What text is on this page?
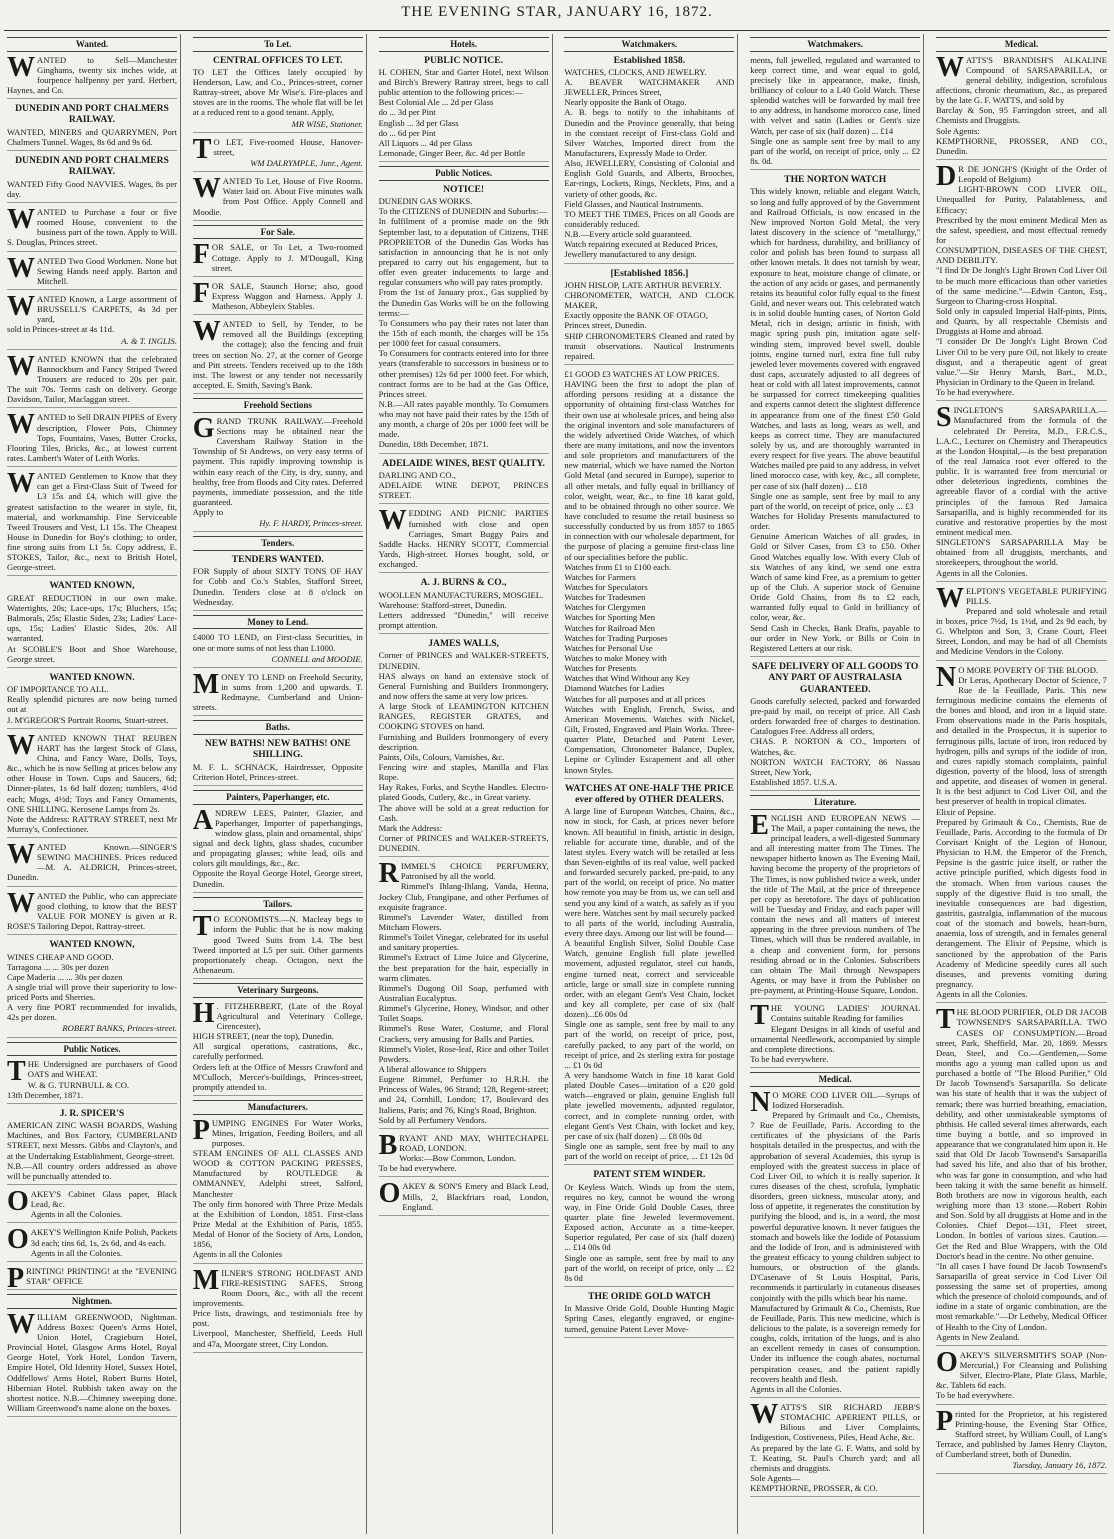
THE EVENING STAR, JANUARY 16, 1872.
Wanted.
WANTED to Sell—Manchester Ginghams, twenty six inches wide, at fourpence halfpenny per yard. Herbert, Haynes, and Co.
DUNEDIN AND PORT CHALMERS RAILWAY.
WANTED, MINERS and QUARRYMEN, Port Chalmers Tunnel. Wages, 8s 6d and 9s 6d.
DUNEDIN AND PORT CHALMERS RAILWAY.
WANTED Fifty Good NAVVIES. Wages, 8s per day.
WANTED to Purchase a four or five roomed House, convenient to the business part of the town. Apply to Will. S. Douglas, Princes street.
WANTED Two Good Workmen. None but Sewing Hands need apply. Barton and Mitchell.
WANTED Known, a Large assortment of BRUSSELL'S CARPETS, 4s 3d per yard,
sold in Princes-street at 4s 11d.
A. & T. INGLIS.
WANTED KNOWN that the celebrated Bannockburn and Fancy Striped Tweed Trousers are reduced to 20s per pair. The suit 70s. Terms cash on delivery. George Davidson, Tailor, Maclaggan street.
WANTED to Sell DRAIN PIPES of Every description, Flower Pots, Chimney Tops, Fountains, Vases, Butter Crocks, Flooring Tiles, Bricks, &c., at lowest current rates. Lambert's Water of Leith Works.
WANTED Gentlemen to Know that they can get a First-Class Suit of Tweed for L3 15s and £4, which will give the greatest satisfaction to the wearer in style, fit, material, and workmanship. Fine Serviceable Tweed Trousers and Vest, L1 15s. The Cheapest House in Dunedin for Boy's clothing; to order, fine strong suits from L1 5s. Copy address, E. STOKES, Tailor, &c., next to British Hotel, George-street.
WANTED KNOWN,
GREAT REDUCTION in our own make. Watertights, 20s; Lace-ups, 17s; Bluchers, 15s; Balmorals, 25s; Elastic Sides, 23s; Ladies' Lace-ups, 15s; Ladies' Elastic Sides, 20s. All warranted.
At SCOBLE'S Boot and Shoe Warehouse, George street.
WANTED KNOWN.
OF IMPORTANCE TO ALL.
Really splendid pictures are now being turned out at
J. M'GREGOR'S Portrait Rooms, Stuart-street.
WANTED KNOWN THAT REUBEN HART has the largest Stock of Glass, China, and Fancy Ware, Dolls, Toys, &c., which he is now Selling at prices below any other House in Town. Cups and Saucers, 6d; Dinner-plates, 1s 6d half dozen; tumblers, 4½d each; Mugs, 4½d; Toys and Fancy Ornaments, ONE SHILLING. Kerosene Lamps from 2s.
Note the Address: RATTRAY STREET, next Mr Murray's, Confectioner.
WANTED Known.—SINGER'S SEWING MACHINES. Prices reduced—M. A. ALDRICH, Princes-street, Dunedin.
WANTED the Public, who can appreciate good clothing, to know that the BEST VALUE FOR MONEY is given at R. ROSE'S Tailoring Depot, Rattray-street.
WANTED KNOWN,
WINES CHEAP AND GOOD.
Tarragona ... ... 30s per dozen
Cape Maderia ... ... 30s per dozen
A single trial will prove their superiority to low-priced Ports and Sherries.
A very fine PORT recommended for invalids, 42s per dozen.
ROBERT BANKS, Princes-street.
Public Notices.
THE Undersigned are purchasers of Good OATS and WHEAT.
W. & G. TURNBULL & CO.
13th December, 1871.
J. R. SPICER'S
AMERICAN ZINC WASH BOARDS, Washing Machines, and Box Factory, CUMBERLAND STREET, next Messrs. Gibbs and Clayton's, and at the Undertaking Establishment, George-street.
N.B.—All country orders addressed as above will be punctually attended to.
OAKEY'S Cabinet Glass paper, Black Lead, &c.
Agents in all the Colonies.
OAKEY'S Wellington Knife Polish, Packets 3d each; tins 6d, 1s, 2s 6d, and 4s each.
Agents in all the Colonies.
PRINTING! PRINTING! at the "EVENING STAR" OFFICE
Nightmen.
WILLIAM GREENWOOD, Nightman. Address Boxes: Queen's Arms Hotel, Union Hotel, Cragieburn Hotel, Provincial Hotel, Glasgow Arms Hotel, Royal George Hotel, York Hotel, London Tavern, Empire Hotel, Old Identity Hotel, Sussex Hotel, Oddfellows' Arms Hotel, Robert Burns Hotel, Hibernian Hotel. Rubbish taken away on the shortest notice. N.B.—Chimney sweeping done. William Greenwood's name alone on the boxes.
To Let.
CENTRAL OFFICES TO LET.
TO LET the Offices lately occupied by Henderson, Law, and Co., Princes-street, corner Rattray-street, above Mr Wise's. Fire-places and stoves are in the rooms. The whole flat will be let at a reduced rent to a good tenant. Apply,
MR WISE, Stationer.
T O LET, Five-roomed House, Hanover-street,
WM DALRYMPLE, Junr., Agent.
WANTED To Let, House of Five Rooms. Water laid on. About Five minutes walk from Post Office. Apply Connell and Moodie.
For Sale.
FOR SALE, or To Let, a Two-roomed Cottage. Apply to J. M'Dougall, King street.
FOR SALE, Staunch Horse; also, good Express Waggon and Harness. Apply J. Matheson, Abbeyleix Stables.
WANTED to Sell, by Tender, to be removed all the Buildings (excepting the cottage); also the fencing and fruit trees on section No. 27, at the corner of George and Pitt streets. Tenders received up to the 18th inst. The lowest or any tender not necessarily accepted. E. Smith, Saving's Bank.
Freehold Sections
GRAND TRUNK RAILWAY.—Freehold Sections may be obtained near the Caversham Railway Station in the Township of St Andrews, on very easy terms of payment. This rapidly improving township is within easy reach of the City, is dry, sunny, and healthy, free from floods and City rates. Deferred payments, immediate possession, and the title guaranteed.
Apply to
Hy. F. HARDY, Princes-street.
Tenders.
TENDERS WANTED.
FOR Supply of about SIXTY TONS OF HAY for Cobb and Co.'s Stables, Stafford Street, Dunedin. Tenders close at 8 o'clock on Wednesday.
Money to Lend.
£4000 TO LEND, on First-class Securities, in one or more sums of not less than L1000.
CONNELL and MOODIE.
MONEY TO LEND on Freehold Security, in sums from 1,200 and upwards. T. Redmayne, Cumberland and Union-streets.
Baths.
NEW BATHS! NEW BATHS! ONE SHILLING.
M. F. L. SCHNACK, Hairdresser, Opposite Criterion Hotel, Princes-street.
Painters, Paperhanger, etc.
ANDREW LEES, Painter, Glazier, and Paperhanger, Importer of paperhangings, window glass, plain and ornamental, ships' signal and deck lights, glass shades, cucumber and propagating glasses; white lead, oils and colors gilt mouldings, &c., &c.
Opposite the Royal George Hotel, George street, Dunedin.
Tailors.
T O ECONOMISTS.—N. Macleay begs to inform the Public that he is now making good Tweed Suits from L4. The best Tweed imported at L5 per suit. Other garments proportionately cheap. Octagon, next the Athenaeum.
Veterinary Surgeons.
H . FITZHERBERT, (Late of the Royal Agricultural and Veterinary College, Cirencester),
HIGH STREET, (near the top), Dunedin.
All surgical operations, castrations, &c., carefully performed.
Orders left at the Office of Messrs Crawford and M'Culloch, Mercer's-buildings, Princes-street, promptly attended to.
Manufacturers.
PUMPING ENGINES For Water Works, Mines, Irrigation, Feeding Boilers, and all purposes.
STEAM ENGINES OF ALL CLASSES AND WOOD & COTTON PACKING PRESSES, Manufactured by ROUTLEDGE & OMMANNEY, Adelphi street, Salford, Manchester
The only firm honored with Three Prize Medals at the Exhibition of London, 1851. First-class Prize Medal at the Exhibition of Paris, 1855. Medal of Honor of the Society of Arts, London, 1856,
Agents in all the Colonies
MILNER'S STRONG HOLDFAST AND FIRE-RESISTING SAFES, Strong Room Doors, &c., with all the recent improvements.
Price lists, drawings, and testimonials free by post.
Liverpool, Manchester, Sheffield, Leeds Hull and 47a, Moorgate street, City London.
Hotels.
PUBLIC NOTICE.
H. COHEN, Star and Garter Hotel, next Wilson and Birch's Brewery Rattray street, begs to call public attention to the following prices:—
Best Colonial Ale ... 2d per Glass
do ... 3d per Pint
English ... 3d per Glass
do ... 6d per Pint
All Liquors ... 4d per Glass
Lemonade, Ginger Beer, &c. 4d per Bottle
Public Notices.
NOTICE!
DUNEDIN GAS WORKS.
To the CITIZENS of DUNEDIN and Suburbs:—
In fulfilment of a promise made on the 9th September last, to a deputation of Citizens, THE PROPRIETOR of the Dunedin Gas Works has satisfaction in announcing that he is not only prepared to carry out his engagement, but to offer even greater inducements to large and regular consumers who will pay rates promptly.
From the 1st of January prox., Gas supplied by the Dunedin Gas Works will be on the following terms:—
To Consumers who pay their rates not later than the 15th of each month, the charges will be 15s per 1000 feet for casual consumers.
To Consumers for contracts entered into for three years (transferable to successors in business or to other premises) 12s 6d per 1000 feet. For which, contract forms are to be had at the Gas Office, Princes street.
N.B.—All rates payable monthly. To Consumers who may not have paid their rates by the 15th of any month, a charge of 20s per 1000 feet will be made.
Dunedin, 18th December, 1871.
ADELAIDE WINES, BEST QUALITY.
DARLING AND CO.,
ADELAIDE WINE DEPOT, PRINCES STREET.
WEDDING AND PICNIC PARTIES furnished with close and open Carriages, Smart Buggy Pairs and Saddle Hacks. HENRY SCOTT, Commercial Yards, High-street. Horses bought, sold, or exchanged.
A. J. BURNS & CO.,
WOOLLEN MANUFACTURERS, MOSGIEL.
Warehouse: Stafford-street, Dunedin.
Letters addressed "Dunedin," will receive prompt attention.
JAMES WALLS,
Corner of PRINCES and WALKER-STREETS, DUNEDIN.
HAS always on hand an extensive stock of General Furnishing and Builders Ironmongery, and now offers the same at very low prices.
A large Stock of LEAMINGTON KITCHEN RANGES, REGISTER GRATES, and COOKING STOVES on hand.
Furnishing and Builders Ironmongery of every description.
Paints, Oils, Colours, Varnishes, &c.
Fencing wire and staples, Manilla and Flax Rope.
Hay Rakes, Forks, and Scythe Handles. Electro-plated Goods, Cutlery, &c., in Great variety.
The above will be sold at a great reduction for Cash.
Mark the Address:
Corner of PRINCES and WALKER-STREETS, DUNEDIN.
RIMMEL'S CHOICE PERFUMERY, Patronised by all the world.
Rimmel's Ihlang-Ihlang, Vanda, Henna, Jockey Club, Frangipane, and other Perfumes of exquisite fragrance.
Rimmel's Lavender Water, distilled from Mitcham Flowers.
Rimmel's Toilet Vinegar, celebrated for its useful and sanitary properties.
Rimmel's Extract of Lime Juice and Glycerine, the best preparation for the hair, especially in warm climates.
Rimmel's Dugong Oil Soap, perfumed with Australian Eucalyptus.
Rimmel's Glycerine, Honey, Windsor, and other Toilet Soaps.
Rimmel's Rose Water, Costume, and Floral Crackers, very amusing for Balls and Parties.
Rimmel's Violet, Rose-leaf, Rice and other Toilet Powders.
A liberal allowance to Shippers
Eugene Rimmel, Perfumer to H.R.H. the Princess of Wales, 96 Strand; 128, Regent-street; and 24, Cornhill, London; 17, Boulevard des Italiens, Paris; and 76, King's Road, Brighton.
Sold by all Perfumery Vendors.
BRYANT AND MAY, WHITECHAPEL ROAD, LONDON.
Works:—Bow Common, London.
To be had everywhere.
OAKEY & SON'S Emery and Black Lead, Mills, 2, Blackfriars road, London, England.
Watchmakers.
Established 1858.
WATCHES, CLOCKS, AND JEWELRY.
A. BEAVER WATCHMAKER AND JEWELLER, Princes Street,
Nearly opposite the Bank of Otago.
A. B. begs to notify to the inhabitants of Dunedin and the Province generally, that being in the constant receipt of First-class Gold and Silver Watches, Imported direct from the Manufacturers, Expressly Made to Order.
Also, JEWELLERY, Consisting of Colonial and English Gold Guards, and Alberts, Brooches, Ear-rings, Lockets, Rings, Necklets, Pins, and a variety of other goods, &c.
Field Glasses, and Nautical Instruments.
TO MEET THE TIMES, Prices on all Goods are considerably reduced.
N.B.—Every article sold guaranteed.
Watch repairing executed at Reduced Prices,
Jewellery manufactured to any design.
[Established 1856.]
JOHN HISLOP, LATE ARTHUR BEVERLY.
CHRONOMETER, WATCH, AND CLOCK MAKER,
Exactly opposite the BANK OF OTAGO,
Princes street, Dunedin.
SHIP CHRONOMETERS Cleaned and rated by transit observations. Nautical Instruments repaired.
£1 GOOD £3 WATCHES AT LOW PRICES.
HAVING been the first to adopt the plan of affording persons residing at a distance the opportunity of obtaining first-class Watches for their own use at wholesale prices, and being also the original inventors and sole manufacturers of the widely advertised Oride Watches, of which there are many imitations, and now the inventors and sole proprietors and manufacturers of the new material, which we have named the Norton Gold Metal (and secured in Europe), superior to all other metals, and fully equal in brilliancy of color, weight, wear, &c., to fine 18 karat gold, and to be obtained through no other source. We have concluded to resume the retail business so successfully conducted by us from 1857 to 1865 in connection with our wholesale department, for the purpose of placing a genuine first-class line of our specialities before the public.
Watches from £1 to £100 each.
Watches for Farmers
Watches for Speculators
Watches for Tradesmen
Watches for Clergymen
Watches for Sporting Men
Watches for Railroad Men
Watches for Trading Purposes
Watches for Personal Use
Watches to make Money with
Watches for Presents
Watches that Wind Without any Key
Diamond Watches for Ladies
Watches for all purposes and at all prices
Watches with English, French, Swiss, and American Movements. Watches with Nickel, Gilt, Frosted, Engraved and Plain Works. Three-quarter Plate, Detached and Patent Lever, Compensation, Chronometer Balance, Duplex, Lepine or Cylinder Escapement and all other known Styles.
WATCHES AT ONE-HALF THE PRICE ever offered by OTHER DEALERS.
A large line of European Watches, Chains, &c., now in stock, for Cash, at prices never before known. All beautiful in finish, artistic in design, reliable for accurate time, durable, and of the latest styles. Every watch will be retailed at less than Seven-eighths of its real value, well packed and forwarded securely packed, pre-paid, to any part of the world, on receipt of price. No matter how remote you may be from us, we can sell and send you any kind of a watch, as safely as if you were here. Watches sent by mail securely packed to all parts of the world, including Australia, every three days. Among our list will be found—
A beautiful English Silver, Solid Double Case Watch, genuine English full plate jewelled movement, adjusted regulator, steel cut hands, engine turned neat, correct and serviceable article, large or small size in complete running order, with an elegant Gent's Vest Chain, locket and key all complete, per case of six (half dozen)...£6 00s 0d
Single one as sample, sent free by mail to any part of the world, on receipt of price, post, carefully packed, to any part of the world, on receipt of price, and 2s sterling extra for postage ... £1 0s 0d
A very handsome Watch in fine 18 karat Gold plated Double Cases—imitation of a £20 gold watch—engraved or plain, genuine English full plate jewelled movements, adjusted regulator, correct, and in complete running order, with elegant Gent's Vest Chain, with locket and key, per case of six (half dozen) ... £8 00s 0d
Single one as sample, sent free by mail to any part of the world on receipt of price, ... £1 12s 0d
PATENT STEM WINDER.
Or Keyless Watch. Winds up from the stem, requires no key, cannot be wound the wrong way, in Fine Oride Gold Double Cases, three quarter plate fine Jeweled levermovement. Exposed action, Accurate as a time-keeper. Superior regulated, Per case of six (half dozen) ... £14 00s 0d
Single one as sample, sent free by mail to any part of the world, on receipt of price, only ... £2 8s 0d
THE ORIDE GOLD WATCH
In Massive Oride Gold, Double Hunting Magic Spring Cases, elegantly engraved, or engine-turned, genuine Patent Lever Move-
Watchmakers.
ments, full jewelled, regulated and warranted to keep correct time, and wear equal to gold, precisely like in appearance, make, finish, brilliancy of colour to a L40 Gold Watch. These splendid watches will be forwarded by mail free to any address, in handsome morocco case, lined with velvet and satin (Ladies or Gent's size Watch, per case of six (half dozen) ... £14
Single one as sample sent free by mail to any part of the world, on receipt of price, only ... £2 8s. 0d.
THE NORTON WATCH
This widely known, reliable and elegant Watch, so long and fully approved of by the Government and Railroad Officials, is now encased in the New improved Norton Gold Metal, the very latest discovery in the science of "metallurgy," which for hardness, durability, and brilliancy of color and polish has been found to surpass all other known metals. It does not tarnish by wear, exposure to heat, moisture change of climate, or the action of any acids or gases, and permanently retains its beautiful color fully equal to the finest Gold, and never wears out. This celebrated watch is in solid double hunting cases, of Norton Gold Metal, rich in design, artistic in finish, with magic spring push pin, imitation agate self-winding stem, improved bevel swell, double joints, engine turned nurl, extra fine full ruby jeweled lever movements covered with engraved dust caps, accurately adjusted to all degrees of heat or cold with all latest improvements, cannot be surpassed for correct timekeeping qualities and experts cannot detect the slightest difference in appearance from one of the finest £50 Gold Watches, and lasts as long, wears as well, and keeps as correct time. They are manufactured solely by us, and are thoroughly warranted in every respect for five years. The above beautiful Watches mailed pre paid to any address, in velvet lined morocco case, with key, &c., all complete, per case of six (half dozen) ... £18
Single one as sample, sent free by mail to any part of the world, on receipt of price, only ... £3
Watches for Holiday Presents manufactured to order.
Genuine American Watches of all grades, in Gold or Silver Cases, from £3 to £50. Other Good Watches equally low. With every Club of six Watches of any kind, we send one extra Watch of same kind Free, as a premium to getter up of the Club. A superior stock of Genuine Oride Gold Chains, from 8s to £2 each, warranted fully equal to Gold in brilliancy of color, wear, &c.
Send Cash in Checks, Bank Drafts, payable to our order in New York, or Bills or Coin in Registered Letters at our risk.
SAFE DELIVERY OF ALL GOODS TO ANY PART OF AUSTRALASIA GUARANTEED.
Goods carefully selected, packed and forwarded pre-paid by mail, on receipt of price. All Cash orders forwarded free of charges to destination. Catalogues Free. Address all orders,
CHAS. P. NORTON & CO., Importers of Watches, &c.
NORTON WATCH FACTORY, 86 Nassau Street, New York,
Established 1857. U.S.A.
Literature.
ENGLISH AND EUROPEAN NEWS —The Mail, a paper containing the news, the principal leaders, a well-digested Summary and all interesting matter from The Times. The newspaper hitherto known as The Evening Mail, having become the property of the proprietors of The Times, is now published twice a week, under the title of The Mail, at the price of threepence per copy as heretofore. The days of publication will be Tuesday and Friday, and each paper will contain the news and all matters of interest appearing in the three previous numbers of The Times, which will thus be rendered available, in a cheap and convenient form, for persons residing abroad or in the Colonies. Subscribers can obtain The Mail through Newspapers Agents, or may have it from the Publisher on pre-payment, at Printing-House Square, London.
THE YOUNG LADIES' JOURNAL Contains suitable Reading for families
Elegant Designs in all kinds of useful and ornamental Needlework, accompanied by simple and complete directions.
To be had everywhere.
Medical.
N O MORE COD LIVER OIL.—Syrups of Iodized Horseradish.
Prepared by Grimault and Co., Chemists, 7 Rue de Feuillade, Paris. According to the certificates of the physicians of the Paris hospitals detailed in the prospectus, and with the approbation of several Academies, this syrup is employed with the greatest success in place of Cod Liver Oil, to which it is really superior. It cures diseases of the chest, scrofula, lymphatic disorders, green sickness, muscular atony, and loss of appetite, it regenerates the constitution by purifying the blood, and is, in a word, the most powerful depurative known. It never fatigues the stomach and bowels like the Iodide of Potassium and the Iodide of Iron, and is administered with the greatest efficacy to young children subject to humours, or obstruction of the glands. D'Casenave of St Louis Hospital, Paris, recommends it particularly in cutaneous diseases conjointly with the pills which bear his name.
Manufactured by Grimault & Co., Chemists, Rue de Feuillade, Paris. This new medicine, which is delicious to the palate, is a sovereign remedy for coughs, colds, irritation of the lungs, and is also an excellent remedy in cases of consumption. Under its influence the cough abates, nocturnal perspiration ceases, and the patient rapidly recovers health and flesh.
Agents in all the Colonies.
WATTS'S SIR RICHARD JEBB'S STOMACHIC APERIENT PILLS, or Bilious and Liver Complaints, Indigestion, Costiveness, Piles, Head Ache, &c.
As prepared by the late G. F. Watts, and sold by T. Keating, St. Paul's Church yard; and all chemists and druggists.
Sole Agents—
KEMPTHORNE, PROSSER, & CO.
Medical.
WATTS'S BRANDISH'S ALKALINE Compound of SARSAPARILLA, or general debility, indigestion, scrofulous affections, chronic rheumatism, &c., as prepared by the late G. F. WATTS, and sold by
Barclay & Son, 95 Farringdon street, and all Chemists and Druggists.
Sole Agents:
KEMPTHORNE, PROSSER, AND CO., Dunedin.
D R DE JONGH'S (Knight of the Order of Leopold of Belgium)
LIGHT-BROWN COD LIVER OIL, Unequalled for Purity, Palatableness, and Efficacy;
Prescribed by the most eminent Medical Men as the safest, speediest, and most effectual remedy for
CONSUMPTION, DISEASES OF THE CHEST, AND DEBILITY.
"I find Dr De Jongh's Light Brown Cod Liver Oil to be much more efficacious than other varieties of the same medicine."—Edwin Canton, Esq., Surgeon to Charing-cross Hospital.
Sold only in capsuled Imperial Half-pints, Pints, and Quarts, by all respectable Chemists and Druggists at Home and abroad.
"I consider Dr De Jongh's Light Brown Cod Liver Oil to be very pure Oil, not likely to create disgust, and a therapeutic agent of great value."—Sir Henry Marsh, Bart., M.D., Physician in Ordinary to the Queen in Ireland.
To be had everywhere.
SINGLETON'S SARSAPARILLA.—Manufactured from the formula of the celebrated Dr Pereira, M.D., F.R.C.S., L.A.C., Lecturer on Chemistry and Therapeutics at the London Hospital,—is the best preparation of the real Jamaica root ever offered to the public. It is warranted free from mercurial or other deleterious ingredients, combines the agreeable flavor of a cordial with the active principles of the famous Red Jamaica Sarsaparilla, and is highly recommended for its curative and restorative properties by the most eminent medical men.
SINGLETON'S SARSAPARILLA May be obtained from all druggists, merchants, and storekeepers, throughout the world.
Agents in all the Colonies.
WELPTON'S VEGETABLE PURIFYING PILLS.
Prepared and sold wholesale and retail in boxes, price 7½d, 1s 1½d, and 2s 9d each, by G. Whelpton and Son, 3, Crane Court, Fleet Street, London, and may be had of all Chemists and Medicine Vendors in the Colony.
N O MORE POVERTY OF THE BLOOD.
Dr Leras, Apothecary Doctor of Science, 7 Rue de la Feuillade, Paris. This new ferruginous medicine contains the elements of the bones and blood, and iron in a liquid state. From observations made in the Paris hospitals, and detailed in the Prospectus, it is superior to ferruginous pills, lactate of iron, iron reduced by hydrogen, pills and syrups of the iodide of iron, and cures rapidly stomach complaints, painful digestion, poverty of the blood, loss of strength and appetite, and diseases of women in general. It is the best adjunct to Cod Liver Oil, and the best preserver of health in tropical climates.
Elixir of Pepsine.
Prepared by Grimault & Co., Chemists, Rue de Feuillade, Paris. According to the formula of Dr Corvisart Knight of the Legion of Honour, Physician to H.M. the Emperor of the French, Pepsine is the gastric juice itself, or rather the active principle purified, which digests food in the stomach. When from various causes the supply of the digestive fluid is too small, the inevitable consequences are bad digestion, gastritis, gastralgia, inflammation of the mucous coat of the stomach and bowels, heart-burn, anaemia, loss of strength, and in females general derangement. The Elixir of Pepsine, which is sanctioned by the approbation of the Paris Academy of Medicine speedily cures all such diseases, and prevents vomiting during pregnancy.
Agents in all the Colonies.
THE BLOOD PURIFIER, OLD DR JACOB TOWNSEND'S SARSAPARILLA. TWO CASES OF CONSUMPTION.—Broad street, Park, Sheffield, Mar. 20, 1869. Messrs Dean, Steel, and Co.—Gentlemen,—Some months ago a young man called upon us and purchased a bottle of "The Blood Purifier," Old Dr Jacob Townsend's Sarsaparilla. So delicate was his state of health that it was the subject of remark; there was hurried breathing, emaciation, debility, and other unmistakeable symptoms of phthisis. He called several times afterwards, each time buying a bottle, and so improved in appearance that we congratulated him upon it. He said that Old Dr Jacob Townsend's Sarsaparilla had saved his life, and also that of his brother, who was far gone in consumption, and who had been taking it with the same benefit as himself. Both brothers are now in vigorous health, each weighing more than 13 stone.—Robert Robin and Son. Sold by all druggists at Home and in the Colonies. Chief Depot—131, Fleet street, London. In bottles of various sizes. Caution.—Get the Red and Blue Wrappers, with the Old Doctor's head in the centre. No other genuine.
"In all cases I have found Dr Jacob Townsend's Sarsaparilla of great service in Cod Liver Oil possessing the same set of properties, among which the presence of choloid compounds, and of iodine in a state of organic combination, are the most remarkable."—Dr Letheby, Medical Officer of Health to the City of London.
Agents in New Zealand.
OAKEY'S SILVERSMITH'S SOAP (Non-Mercurial,) For Cleansing and Polishing Silver, Electro-Plate, Plate Glass, Marble, &c. Tablets 6d each.
To be had everywhere.
Printed for the Proprietor, at his registered Printing-house, the Evening Star Office, Stafford street, by William Coull, of Lang's Terrace, and published by James Henry Clayton, of Cumberland street, both of Dunedin.
Tuesday, January 16, 1872.
